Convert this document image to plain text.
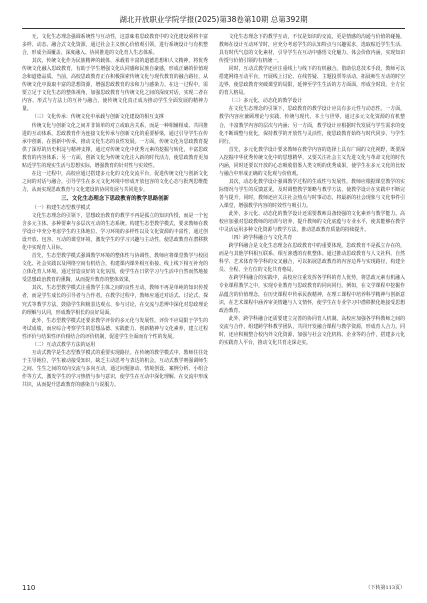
湖北开放职业学院学报(2025)第38卷第10期 总第392期
无，文化生态理念强调系统性与互动性，这意味着思政教育中的文化建设须将丰富多样、动态、融合式文化资源，通过社会主义核心价值观引领，进行系统设计与有机整合，形成全面覆盖、深度融入、协同推进的文化育人生态体系。
其次，传统文化作为民族精神的载体，承载着丰富的道德思想和人文精神。将优秀传统文化融入思政教育，有助于学生增强文化认同感和民族自豪感，形成正确的价值观念和道德品质。当前，高校思政教育正在积极探索传统文化与现代教育的融合路径，从传统文化中汲取丰富的思想资源，增强思政教育的亲和力与感染力。在这一过程中，需要立足于文化生态的整体视角，加强思政教育与传统文化之间的深度对话，实现二者在内容、形式与方法上的互补与融合，使传统文化真正成为推动学生全面发展的精神力量。
（三）文化传承：传统文化中承载与创新文化建设的相互支撑
传统文化与创新文化之间并非简单的对立或取舍关系，而是一种相辅相成、共同推进的互动体系。思政教育作为连接文化传承与创新文化的重要桥梁，通过引导学生在传承中创新、在创新中传承，推动文化生态的良性发展。一方面，传统文化为思政教育提供了深厚的历史积淀与精神支撑，通过对传统文化中优秀元素的挖掘与转化，丰富思政教育的内容体系；另一方面，创新文化为传统文化注入新的时代活力，使思政教育更加贴近学生的现实生活与思想实际，增强教育的针对性与实效性。
在这一过程中，高校应通过搭建多元化的文化交流平台，促进传统文化与创新文化之间的对话与融合，引导学生在多元文化环境中形成开放包容的文化心态与批判思维能力，从而实现思政教育与文化建设的协同发展与共同进步。
三、文化生态理念下思政教育的教学思路创新
（一）构建生态型教学模式
文化生态理念的引领下，思想政治教育的教学不再是孤立的知识传授，而是一个包含多元主体、多种要素与多层次互动的生态系统。构建生态型教学模式，要求教师在教学设计中充分考虑学生的主体地位、学习环境的多样性以及文化资源的丰富性，通过创设开放、包容、互动的课堂环境，激发学生的学习兴趣与主动性，使思政教育在潜移默化中实现育人目标。
首先，生态型教学模式强调教学环境的整体性与协调性。教师应将课堂教学与校园文化、社会实践以及网络空间有机结合，构建课内课外相互衔接、线上线下相互补充的立体化育人环境。通过营造良好的文化氛围，使学生在日常学习与生活中自然而然地接受思想政治教育的熏陶，从而提升教育的整体效果。
其次，生态型教学模式注重教学主体之间的良性互动。教师不再是单纯的知识传授者，而是学生成长的引导者与合作者。在教学过程中，教师应通过对话式、讨论式、探究式等教学方法，鼓励学生积极表达观点、参与讨论，在交流与思辨中深化对思政理论的理解与认同，形成教学相长的良好局面。
此外，生态型教学模式还要求教学评价的多元化与发展性。评价不应局限于学生的考试成绩，而应综合考察学生的思想品德、实践能力、创新精神与文化素养，建立过程性评价与结果性评价相结合的评价机制，促进学生全面而有个性的发展。
（二）互动式教学方法的运用
互动式教学是生态型教学模式的重要实现路径。在传统的教学模式中，教师往往处于主导地位，学生被动接受知识，缺乏主动思考与表达的机会。互动式教学则强调师生之间、生生之间的双向交流与多向互动，通过问题驱动、情境创设、案例分析、小组合作等方式，激发学生的学习热情与参与意识，使学生在互动中深化理解、在交流中形成共识，从而提升思政教育的感染力与说服力。
文化生态理念下的教学互动，不仅是知识的交流，更是情感的沟通与价值的碰撞。教师在设计互动环节时，应充分考虑学生的认知特点与兴趣需求，选取贴近学生生活、具有时代气息的文化素材，引导学生在互动中感悟文化魅力、体会价值内涵，实现知识传授与价值引领的有机统一。
同时，互动式教学还应注重线上与线下的有机融合。借助信息技术手段，教师可以搭建网络互动平台，开展线上讨论、在线答疑、主题投票等活动，拓展师生互动的时空边界，使思政教育突破课堂的局限，延伸至学生生活的方方面面，形成全时段、全方位的育人格局。
（三）多元化、动态化的教学设计
在文化生态理念的引领下，思政教育的教学设计应具有多元性与动态性。一方面，教学内容应兼顾理论与实践、传统与现代、本土与世界，通过多元文化资源的有机整合，丰富教学内容的层次与内涵；另一方面，教学设计应根据时代发展与学生需求的变化不断调整与优化，保持教学的开放性与灵活性，使思政教育始终与时代同步、与学生同行。
首先，多元化教学设计要求教师在教学内容的选择上具有广阔的文化视野，既要深入挖掘中华优秀传统文化中的思想精华，又要关注社会主义先进文化与革命文化的时代内涵，同时还要以开放的心态吸收借鉴人类文明的优秀成果，使学生在多元文化的比较与融合中形成正确的文化观与价值观。
其次，动态化教学设计强调教学过程的生成性与发展性。教师应根据课堂教学的实际情况与学生的反馈意见，及时调整教学策略与教学方法，使教学设计在实践中不断完善与提升。同时，教师还应关注社会热点与时事动态，将最新的社会现象与文化事件引入课堂，增强教学内容的时效性与吸引力。
此外，多元化、动态化的教学设计还需要教师具备较强的文化素养与教学能力。高校应加强对思政教师的培训与培养，提升教师的文化底蕴与专业水平，使其能够在教学中灵活运用多种文化资源与教学方法，推动思政教育质量的持续提升。
（四）跨学科融合与文化共育
跨学科融合是文化生态理念在思政教育中的重要体现。思政教育不是孤立存在的，而是与其他学科相互联系、相互渗透的有机整体。通过推动思政教育与人文社科、自然科学、艺术体育等学科的交叉融合，可以拓展思政教育的内容边界与实现路径，构建全员、全程、全方位的文化共育格局。
在跨学科融合的实践中，高校应注重发挥各学科的育人优势，将思政元素有机融入专业课程教学之中，实现专业教育与思政教育的同向同行。例如，在文学课程中挖掘作品蕴含的价值理念，在历史课程中传承民族精神，在理工课程中培养科学精神与创新意识，在艺术课程中涵养审美情趣与人文情怀，使学生在专业学习中潜移默化地接受思想政治教育。
此外，跨学科融合还需要建立完善的协同育人机制。高校应加强各学科教师之间的交流与合作，组建跨学科教学团队，共同开发融合课程与教学资源，形成育人合力。同时，还应积极整合校内外文化资源，加强与社会文化机构、企业等的合作，搭建多元化的实践育人平台，推动文化共育走深走实。
110	（下转第113页）
